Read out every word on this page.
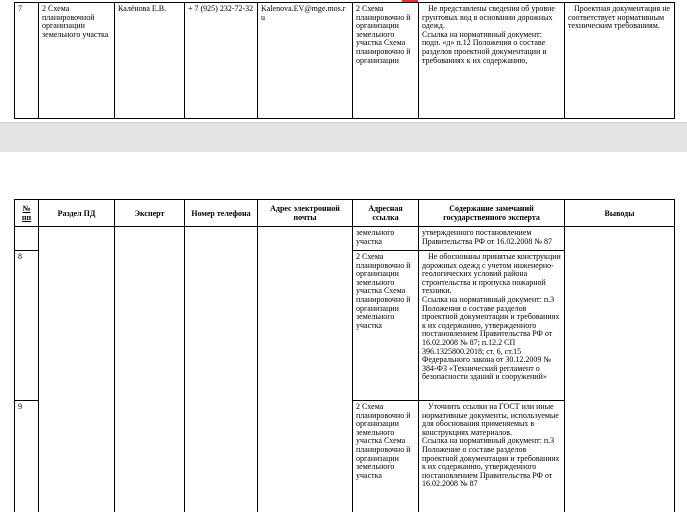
7	2 Схема планировочной организации земельного участка	Калёнова Е.В.	+ 7 (925) 232-72-32	Kalenova.EV@mge.mos.ru	2 Схема планировочно й организации земельного участка Схема планировочно й организации	Не представлены сведения об уровне грунтовых вод в основании дорожных одежд.
Ссылка на нормативный документ: подп. «д» п.12 Положения о составе разделов проектной документации и требованиях к их содержанию,	Проектная документация не соответствует нормативным техническим требованиям.
№ пп	Раздел ПД	Эксперт	Номер телефона	Адрес электронной почты	Адресная ссылка	Содержание замечаний государственного эксперта	Выводы
					земельного участка	утвержденного постановлением Правительства РФ от 16.02.2008 № 87	
8					2 Схема планировочно й организации земельного участка Схема планировочно й организации земельного участка	Не обоснованы принятые конструкции дорожных одежд с учетом инженерно-геологических условий района строительства и пропуска пожарной техники.
Ссылка на нормативный документ: п.3 Положения о составе разделов проектной документации и требованиях к их содержанию, утвержденного постановлением Правительства РФ от 16.02.2008 № 87; п.12.2 СП 396.1325800.2018; ст. 6, ст.15 Федерального закона от 30.12.2009 № 384-ФЗ «Технический регламент о безопасности зданий и сооружений»	
9					2 Схема планировочно й организации земельного участка Схема планировочно й организации земельного участка	Уточнить ссылки на ГОСТ или иные нормативные документы, используемые для обоснования применяемых в конструкциях материалов.
Ссылка на нормативный документ: п.3 Положение о составе разделов проектной документации и требованиях к их содержанию, утвержденного постановлением Правительства РФ от 16.02.2008 № 87	
